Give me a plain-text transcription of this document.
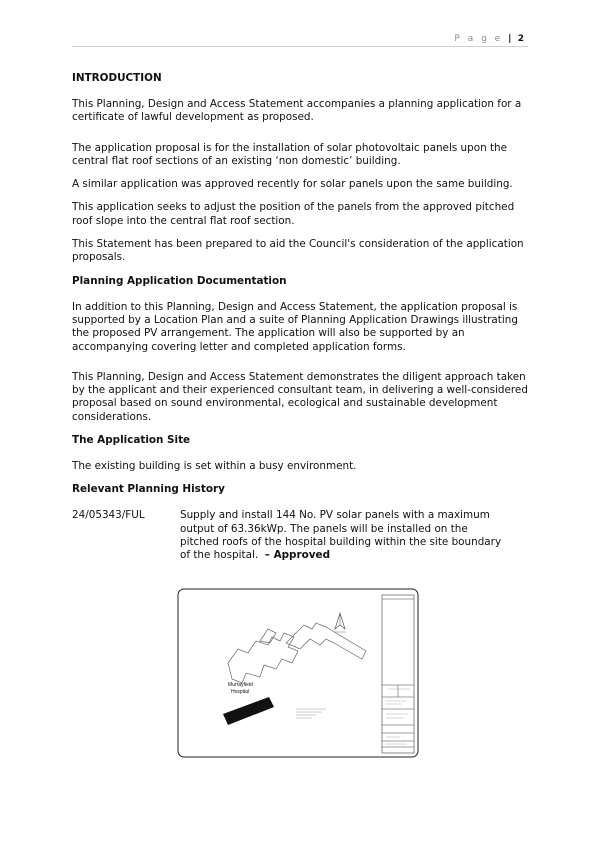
P a g e | 2
INTRODUCTION

This Planning, Design and Access Statement accompanies a planning application for a certificate of lawful development as proposed.

The application proposal is for the installation of solar photovoltaic panels upon the central flat roof sections of an existing ‘non domestic’ building.

A similar application was approved recently for solar panels upon the same building.

This application seeks to adjust the position of the panels from the approved pitched roof slope into the central flat roof section.

This Statement has been prepared to aid the Council's consideration of the application proposals.

Planning Application Documentation

In addition to this Planning, Design and Access Statement, the application proposal is supported by a Location Plan and a suite of Planning Application Drawings illustrating the proposed PV arrangement. The application will also be supported by an accompanying covering letter and completed application forms.

This Planning, Design and Access Statement demonstrates the diligent approach taken by the applicant and their experienced consultant team, in delivering a well-considered proposal based on sound environmental, ecological and sustainable development considerations.

The Application Site

The existing building is set within a busy environment.

Relevant Planning History
24/05343/FUL	Supply and install 144 No. PV solar panels with a maximum output of 63.36kWp. The panels will be installed on the pitched roofs of the hospital building within the site boundary of the hospital. – Approved
Murrayfield
Hospital
